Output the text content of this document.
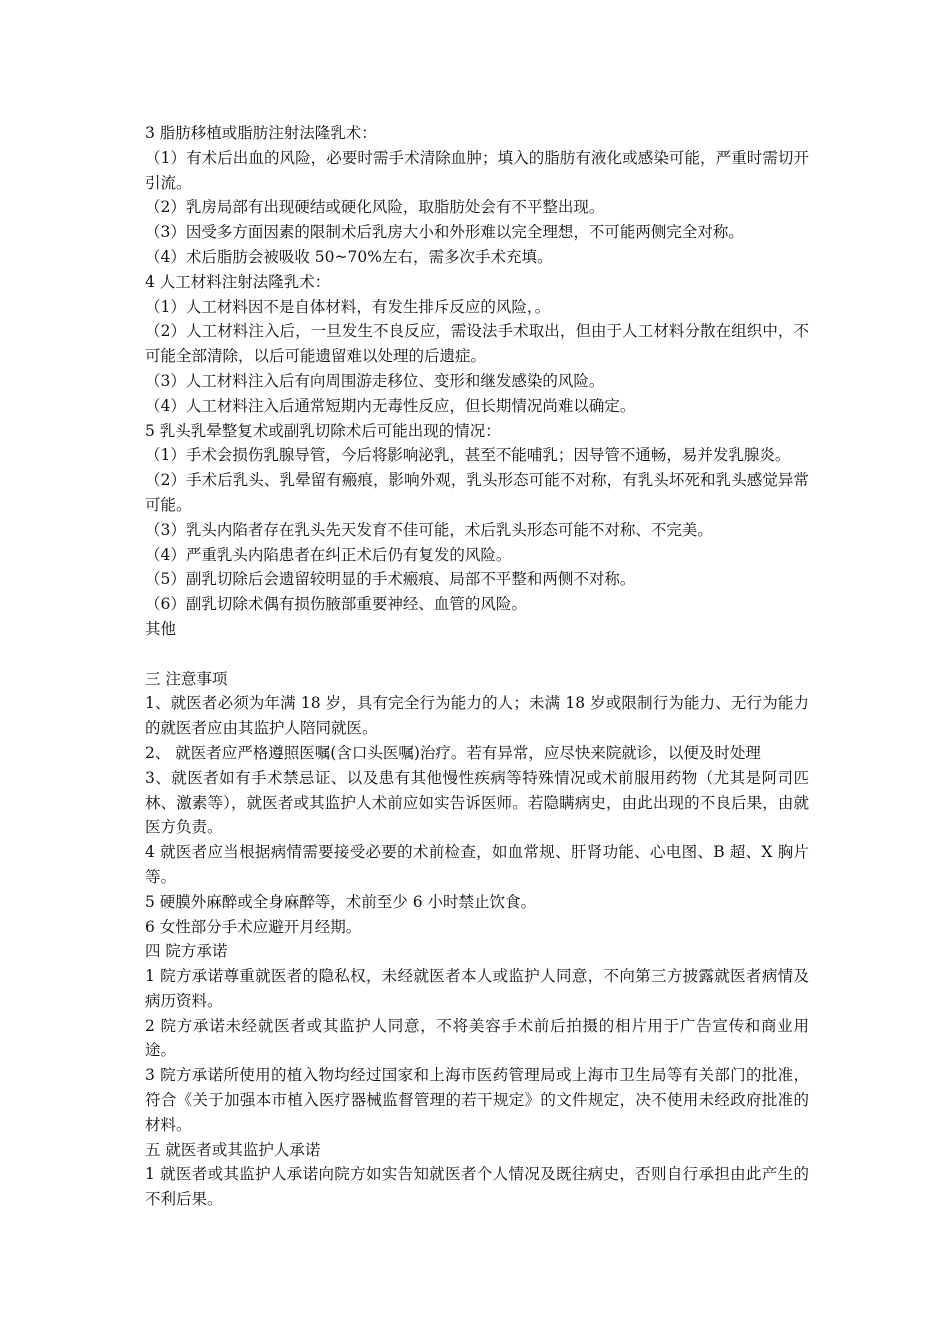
3 脂肪移植或脂肪注射法隆乳术：
（1）有术后出血的风险，必要时需手术清除血肿；填入的脂肪有液化或感染可能，严重时需切开引流。
（2）乳房局部有出现硬结或硬化风险，取脂肪处会有不平整出现。
（3）因受多方面因素的限制术后乳房大小和外形难以完全理想，不可能两侧完全对称。
（4）术后脂肪会被吸收 50~70%左右，需多次手术充填。
4 人工材料注射法隆乳术：
（1）人工材料因不是自体材料，有发生排斥反应的风险，。
（2）人工材料注入后，一旦发生不良反应，需设法手术取出，但由于人工材料分散在组织中，不可能全部清除，以后可能遗留难以处理的后遗症。
（3）人工材料注入后有向周围游走移位、变形和继发感染的风险。
（4）人工材料注入后通常短期内无毒性反应，但长期情况尚难以确定。
5 乳头乳晕整复术或副乳切除术后可能出现的情况：
（1）手术会损伤乳腺导管，今后将影响泌乳，甚至不能哺乳；因导管不通畅，易并发乳腺炎。
（2）手术后乳头、乳晕留有瘢痕，影响外观，乳头形态可能不对称，有乳头坏死和乳头感觉异常可能。
（3）乳头内陷者存在乳头先天发育不佳可能，术后乳头形态可能不对称、不完美。
（4）严重乳头内陷患者在纠正术后仍有复发的风险。
（5）副乳切除后会遗留较明显的手术瘢痕、局部不平整和两侧不对称。
（6）副乳切除术偶有损伤腋部重要神经、血管的风险。
其他
三 注意事项
1、就医者必须为年满 18 岁，具有完全行为能力的人；未满 18 岁或限制行为能力、无行为能力的就医者应由其监护人陪同就医。
2、 就医者应严格遵照医嘱(含口头医嘱)治疗。若有异常，应尽快来院就诊，以便及时处理
3、就医者如有手术禁忌证、以及患有其他慢性疾病等特殊情况或术前服用药物（尤其是阿司匹林、激素等），就医者或其监护人术前应如实告诉医师。若隐瞒病史，由此出现的不良后果，由就医方负责。
4 就医者应当根据病情需要接受必要的术前检查，如血常规、肝肾功能、心电图、B 超、X 胸片等。
5 硬膜外麻醉或全身麻醉等，术前至少 6 小时禁止饮食。
6 女性部分手术应避开月经期。
四 院方承诺
1 院方承诺尊重就医者的隐私权，未经就医者本人或监护人同意，不向第三方披露就医者病情及病历资料。
2 院方承诺未经就医者或其监护人同意，不将美容手术前后拍摄的相片用于广告宣传和商业用途。
3 院方承诺所使用的植入物均经过国家和上海市医药管理局或上海市卫生局等有关部门的批准，符合《关于加强本市植入医疗器械监督管理的若干规定》的文件规定，决不使用未经政府批准的材料。
五 就医者或其监护人承诺
1 就医者或其监护人承诺向院方如实告知就医者个人情况及既往病史，否则自行承担由此产生的不利后果。
